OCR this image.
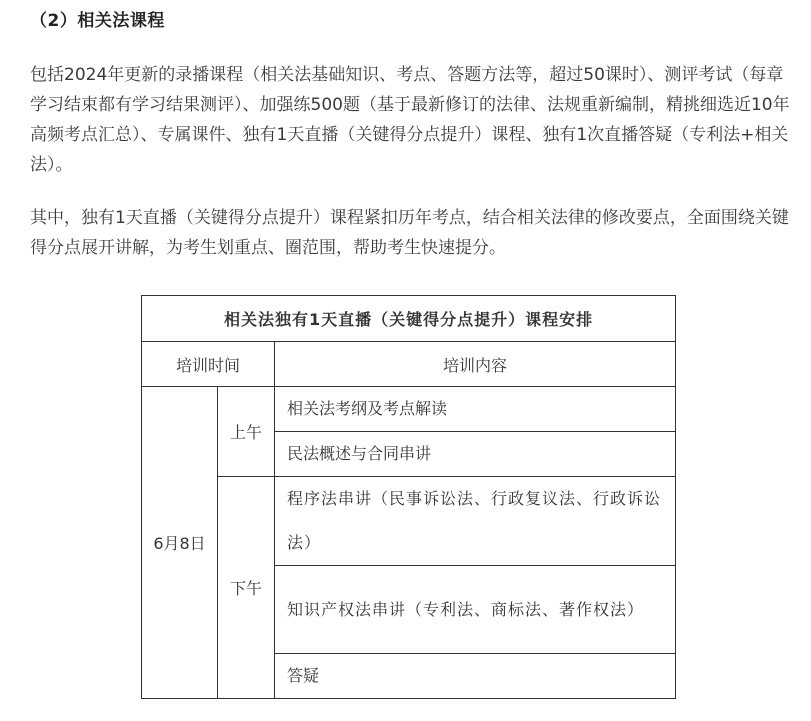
（2）相关法课程

包括2024年更新的录播课程（相关法基础知识、考点、答题方法等，超过50课时）、测评考试（每章学习结束都有学习结果测评）、加强练500题（基于最新修订的法律、法规重新编制，精挑细选近10年高频考点汇总）、专属课件、独有1天直播（关键得分点提升）课程、独有1次直播答疑（专利法+相关法）。

其中，独有1天直播（关键得分点提升）课程紧扣历年考点，结合相关法律的修改要点，全面围绕关键得分点展开讲解，为考生划重点、圈范围，帮助考生快速提分。

相关法独有1天直播（关键得分点提升）课程安排		
培训时间		培训内容
6月8日	上午	相关法考纲及考点解读
		民法概述与合同串讲
	下午	程序法串讲（民事诉讼法、行政复议法、行政诉讼法）
		知识产权法串讲（专利法、商标法、著作权法）
		答疑
